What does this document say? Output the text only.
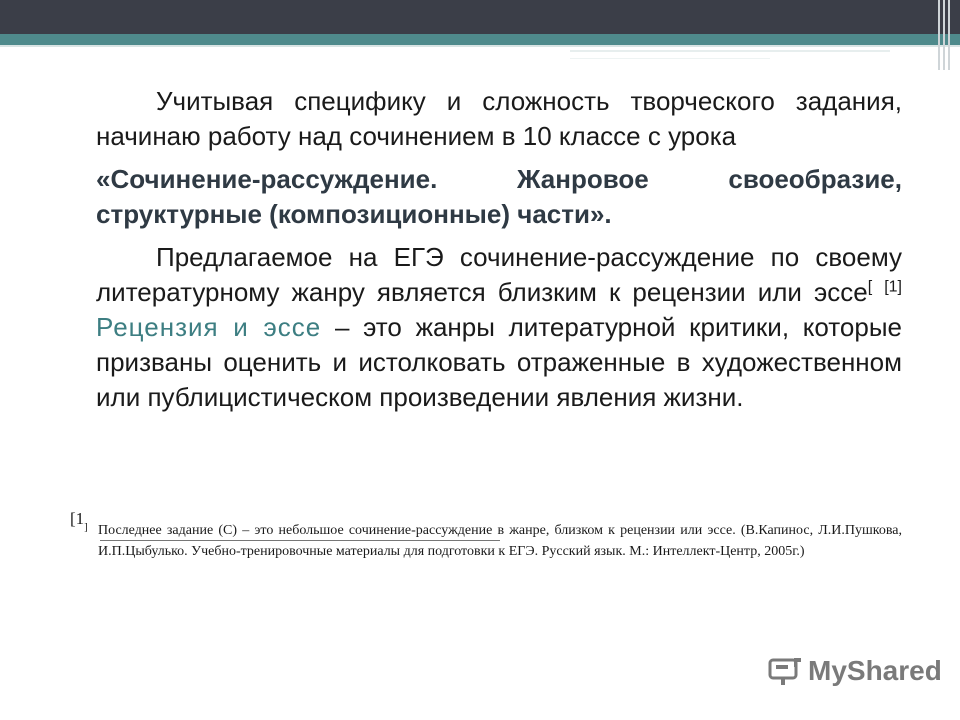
Учитывая специфику и сложность творческого задания, начинаю работу над сочинением в 10 классе с урока

«Сочинение-рассуждение. Жанровое своеобразие, структурные (композиционные) части».

Предлагаемое на ЕГЭ сочинение-рассуждение по своему литературному жанру является близким к рецензии или эссе[ [1] Рецензия и эссе – это жанры литературной критики, которые призваны оценить и истолковать отраженные в художественном или публицистическом произведении явления жизни.

[$1_]$ Последнее задание (С) – это небольшое сочинение-рассуждение в жанре, близком к рецензии или эссе. (В.Капинос, Л.И.Пушкова, И.П.Цыбулько. Учебно-тренировочные материалы для подготовки к ЕГЭ. Русский язык. М.: Интеллект-Центр, 2005г.)
MyShared
